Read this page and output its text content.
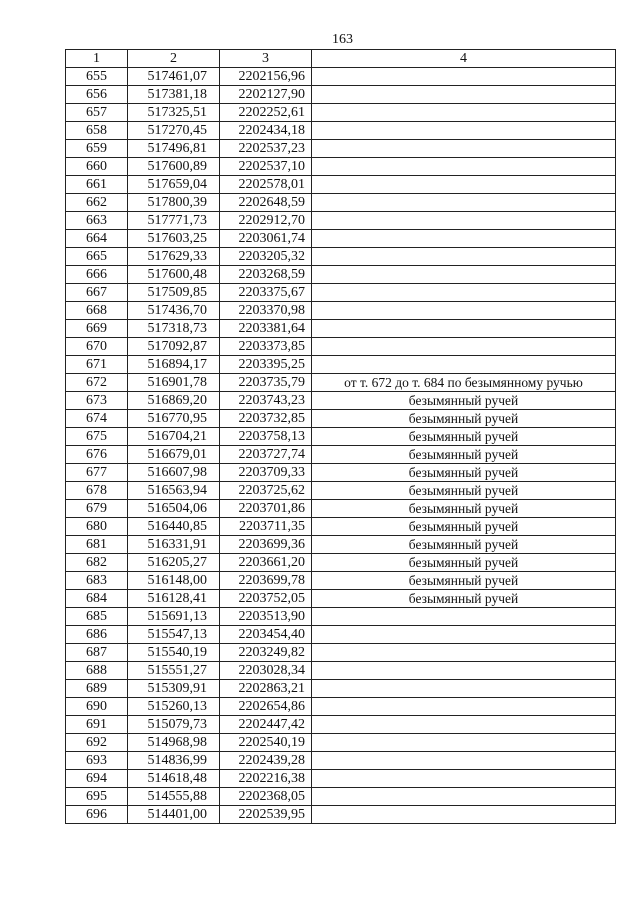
163
1	2	3	4
655	517461,07	2202156,96	
656	517381,18	2202127,90	
657	517325,51	2202252,61	
658	517270,45	2202434,18	
659	517496,81	2202537,23	
660	517600,89	2202537,10	
661	517659,04	2202578,01	
662	517800,39	2202648,59	
663	517771,73	2202912,70	
664	517603,25	2203061,74	
665	517629,33	2203205,32	
666	517600,48	2203268,59	
667	517509,85	2203375,67	
668	517436,70	2203370,98	
669	517318,73	2203381,64	
670	517092,87	2203373,85	
671	516894,17	2203395,25	
672	516901,78	2203735,79	от т. 672 до т. 684 по безымянному ручью
673	516869,20	2203743,23	безымянный ручей
674	516770,95	2203732,85	безымянный ручей
675	516704,21	2203758,13	безымянный ручей
676	516679,01	2203727,74	безымянный ручей
677	516607,98	2203709,33	безымянный ручей
678	516563,94	2203725,62	безымянный ручей
679	516504,06	2203701,86	безымянный ручей
680	516440,85	2203711,35	безымянный ручей
681	516331,91	2203699,36	безымянный ручей
682	516205,27	2203661,20	безымянный ручей
683	516148,00	2203699,78	безымянный ручей
684	516128,41	2203752,05	безымянный ручей
685	515691,13	2203513,90	
686	515547,13	2203454,40	
687	515540,19	2203249,82	
688	515551,27	2203028,34	
689	515309,91	2202863,21	
690	515260,13	2202654,86	
691	515079,73	2202447,42	
692	514968,98	2202540,19	
693	514836,99	2202439,28	
694	514618,48	2202216,38	
695	514555,88	2202368,05	
696	514401,00	2202539,95	
